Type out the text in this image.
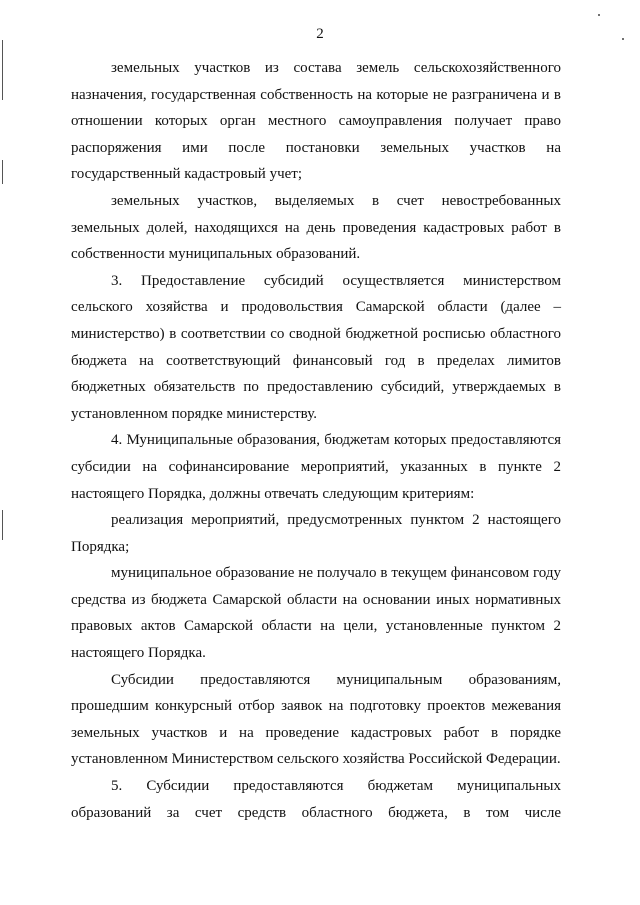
2

земельных участков из состава земель сельскохозяйственного назначения, государственная собственность на которые не разграничена и в отношении которых орган местного самоуправления получает право распоряжения ими после постановки земельных участков на государственный кадастровый учет;

земельных участков, выделяемых в счет невостребованных земельных долей, находящихся на день проведения кадастровых работ в собственности муниципальных образований.

3. Предоставление субсидий осуществляется министерством сельского хозяйства и продовольствия Самарской области (далее – министерство) в соответствии со сводной бюджетной росписью областного бюджета на соответствующий финансовый год в пределах лимитов бюджетных обязательств по предоставлению субсидий, утверждаемых в установленном порядке министерству.

4. Муниципальные образования, бюджетам которых предоставляются субсидии на софинансирование мероприятий, указанных в пункте 2 настоящего Порядка, должны отвечать следующим критериям:

реализация мероприятий, предусмотренных пунктом 2 настоящего Порядка;

муниципальное образование не получало в текущем финансовом году средства из бюджета Самарской области на основании иных нормативных правовых актов Самарской области на цели, установленные пунктом 2 настоящего Порядка.

Субсидии предоставляются муниципальным образованиям, прошедшим конкурсный отбор заявок на подготовку проектов межевания земельных участков и на проведение кадастровых работ в порядке установленном Министерством сельского хозяйства Российской Федерации.

5. Субсидии предоставляются бюджетам муниципальных образований за счет средств областного бюджета, в том числе
